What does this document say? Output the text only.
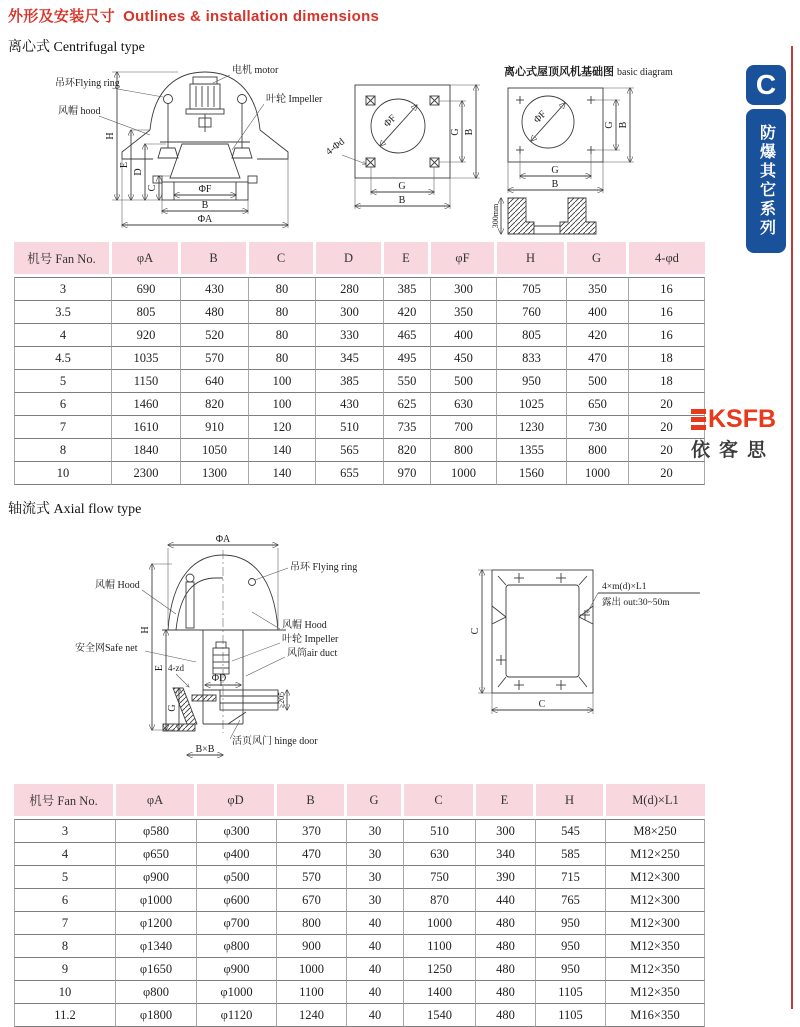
外形及安装尺寸 Outlines & installation dimensions
离心式 Centrifugal type
ΦF
B
ΦA
H
E
D
C
吊环Flying ring
电机 motor
风帽 hood
叶轮 Impeller
ΦF
G B
G
B
4-Φd
离心式屋顶风机基础图 basic diagram
ΦF	G B
G
B
300mm
机号 Fan No.	φA	B	C	D	E	φF	H	G	4-φd
3	690	430	80	280	385	300	705	350	16
3.5	805	480	80	300	420	350	760	400	16
4	920	520	80	330	465	400	805	420	16
4.5	1035	570	80	345	495	450	833	470	18
5	1150	640	100	385	550	500	950	500	18
6	1460	820	100	430	625	630	1025	650	20
7	1610	910	120	510	735	700	1230	730	20
8	1840	1050	140	565	820	800	1355	800	20
10	2300	1300	140	655	970	1000	1560	1000	20
KSFB
依客思
轴流式 Axial flow type
ΦA
H
E
G
4-zd
ΦD
≥205
B×B
吊环 Flying ring
风帽 Hood
安全网Safe net
风帽 Hood
叶轮 Impeller
风筒air duct
活页风门 hinge door
C
C
4×m(d)×L1
露出 out:30~50m
机号 Fan No.	φA	φD	B	G	C	E	H	M(d)×L1
3	φ580	φ300	370	30	510	300	545	M8×250
4	φ650	φ400	470	30	630	340	585	M12×250
5	φ900	φ500	570	30	750	390	715	M12×300
6	φ1000	φ600	670	30	870	440	765	M12×300
7	φ1200	φ700	800	40	1000	480	950	M12×300
8	φ1340	φ800	900	40	1100	480	950	M12×350
9	φ1650	φ900	1000	40	1250	480	950	M12×350
10	φ800	φ1000	1100	40	1400	480	1105	M12×350
11.2	φ1800	φ1120	1240	40	1540	480	1105	M16×350
C
防爆其它系列
